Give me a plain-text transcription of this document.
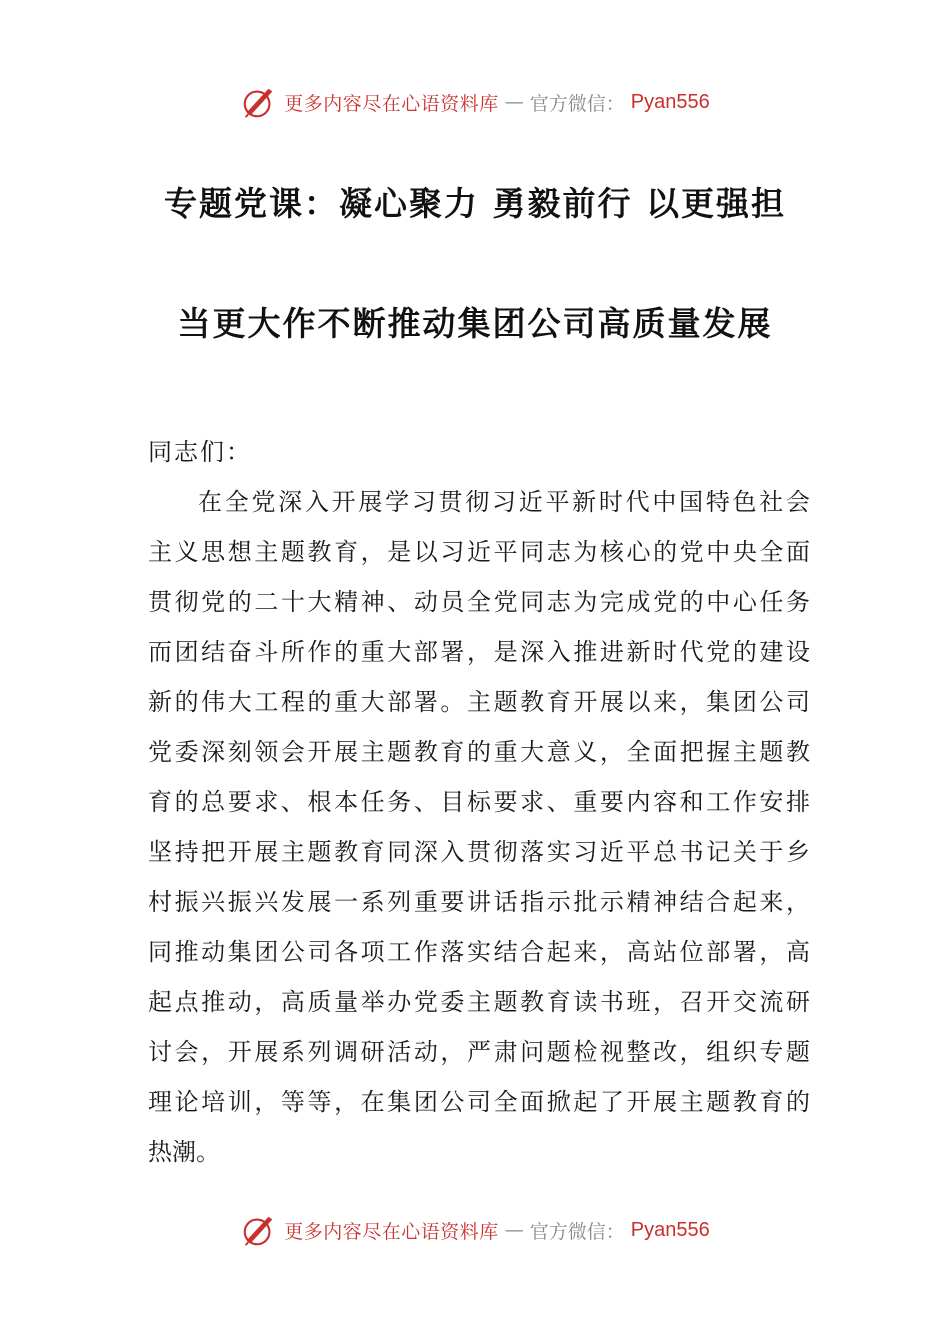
更多内容尽在心语资料库 — 官方微信： Pyan556
专题党课：凝心聚力 勇毅前行 以更强担
当更大作不断推动集团公司高质量发展
同志们：
在全党深入开展学习贯彻习近平新时代中国特色社会
主义思想主题教育，是以习近平同志为核心的党中央全面
贯彻党的二十大精神、动员全党同志为完成党的中心任务
而团结奋斗所作的重大部署，是深入推进新时代党的建设
新的伟大工程的重大部署。主题教育开展以来，集团公司
党委深刻领会开展主题教育的重大意义，全面把握主题教
育的总要求、根本任务、目标要求、重要内容和工作安排
坚持把开展主题教育同深入贯彻落实习近平总书记关于乡
村振兴振兴发展一系列重要讲话指示批示精神结合起来，
同推动集团公司各项工作落实结合起来，高站位部署，高
起点推动，高质量举办党委主题教育读书班，召开交流研
讨会，开展系列调研活动，严肃问题检视整改，组织专题
理论培训，等等，在集团公司全面掀起了开展主题教育的
热潮。
更多内容尽在心语资料库 — 官方微信： Pyan556
